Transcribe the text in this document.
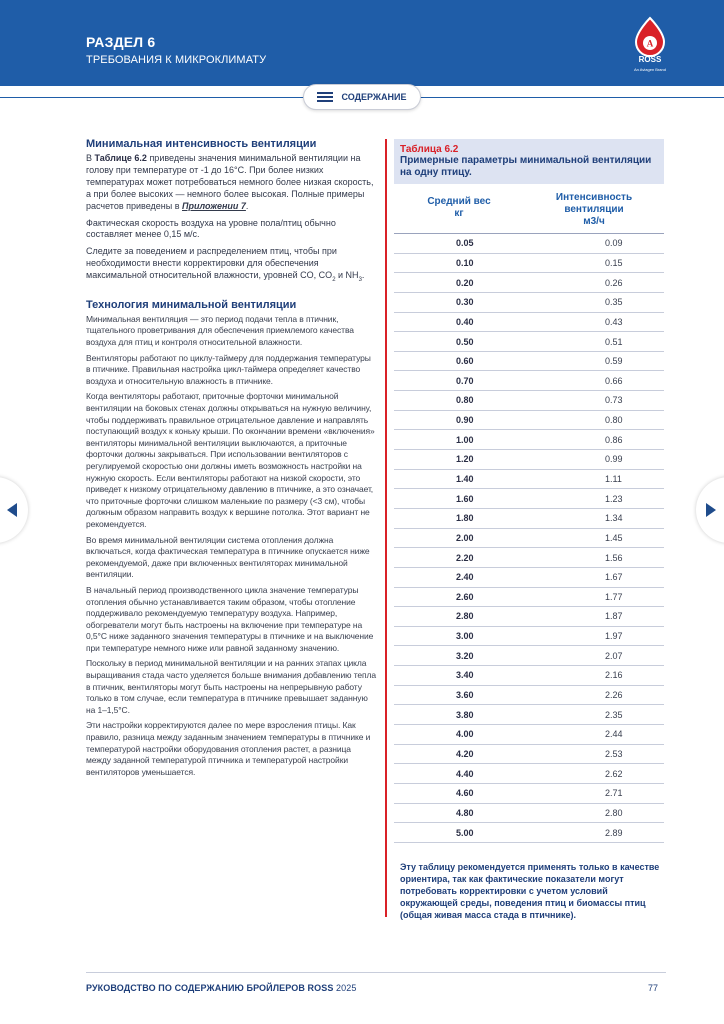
РАЗДЕЛ 6
ТРЕБОВАНИЯ К МИКРОКЛИМАТУ
A
ROSS
An Aviagen Brand
СОДЕРЖАНИЕ
Минимальная интенсивность вентиляции
В Таблице 6.2 приведены значения минимальной вентиляции на голову при температуре от -1 до 16°С. При более низких температурах может потребоваться немного более низкая скорость, а при более высоких — немного более высокая. Полные примеры расчетов приведены в Приложении 7.
Фактическая скорость воздуха на уровне пола/птиц обычно составляет менее 0,15 м/с.
Следите за поведением и распределением птиц, чтобы при необходимости внести корректировки для обеспечения максимальной относительной влажности, уровней CO, $CO_2$ и $NH_3$.
Технология минимальной вентиляции
Минимальная вентиляция — это период подачи тепла в птичник, тщательного проветривания для обеспечения приемлемого качества воздуха для птиц и контроля относительной влажности.
Вентиляторы работают по циклу-таймеру для поддержания температуры в птичнике. Правильная настройка цикл-таймера определяет качество воздуха и относительную влажность в птичнике.
Когда вентиляторы работают, приточные форточки минимальной вентиляции на боковых стенах должны открываться на нужную величину, чтобы поддерживать правильное отрицательное давление и направлять поступающий воздух к коньку крыши. По окончании времени «включения» вентиляторы минимальной вентиляции выключаются, а приточные форточки должны закрываться. При использовании вентиляторов с регулируемой скоростью они должны иметь возможность настройки на нужную скорость. Если вентиляторы работают на низкой скорости, это приведет к низкому отрицательному давлению в птичнике, а это означает, что приточные форточки слишком маленькие по размеру (<3 см), чтобы должным образом направить воздух к вершине потолка. Этот вариант не рекомендуется.
Во время минимальной вентиляции система отопления должна включаться, когда фактическая температура в птичнике опускается ниже рекомендуемой, даже при включенных вентиляторах минимальной вентиляции.
В начальный период производственного цикла значение температуры отопления обычно устанавливается таким образом, чтобы отопление поддерживало рекомендуемую температуру воздуха. Например, обогреватели могут быть настроены на включение при температуре на 0,5°С ниже заданного значения температуры в птичнике и на выключение при температуре немного ниже или равной заданному значению.
Поскольку в период минимальной вентиляции и на ранних этапах цикла выращивания стада часто уделяется больше внимания добавлению тепла в птичник, вентиляторы могут быть настроены на непрерывную работу только в том случае, если температура в птичнике превышает заданную на 1–1,5°С.
Эти настройки корректируются далее по мере взросления птицы. Как правило, разница между заданным значением температуры в птичнике и температурой настройки оборудования отопления растет, а разница между заданной температурой птичника и температурой настройки вентиляторов уменьшается.
Таблица 6.2
Примерные параметры минимальной вентиляции на одну птицу.
Средний вес
кг
Интенсивность
вентиляции
м3/ч
0.05	0.09
0.10	0.15
0.20	0.26
0.30	0.35
0.40	0.43
0.50	0.51
0.60	0.59
0.70	0.66
0.80	0.73
0.90	0.80
1.00	0.86
1.20	0.99
1.40	1.11
1.60	1.23
1.80	1.34
2.00	1.45
2.20	1.56
2.40	1.67
2.60	1.77
2.80	1.87
3.00	1.97
3.20	2.07
3.40	2.16
3.60	2.26
3.80	2.35
4.00	2.44
4.20	2.53
4.40	2.62
4.60	2.71
4.80	2.80
5.00	2.89
Эту таблицу рекомендуется применять только в качестве ориентира, так как фактические показатели могут потребовать корректировки с учетом условий окружающей среды, поведения птиц и биомассы птиц (общая живая масса стада в птичнике).
РУКОВОДСТВО ПО СОДЕРЖАНИЮ БРОЙЛЕРОВ ROSS 2025	77
